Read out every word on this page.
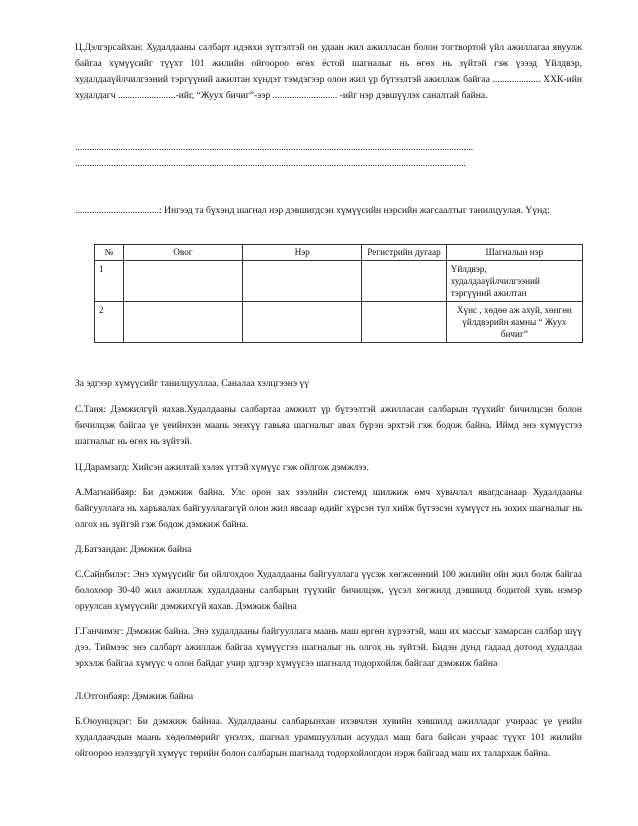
Ц.Дэлгэрсайхан: Худалдааны салбарт идэвхи зүтгэлтэй он удаан жил ажилласан болон тогтвортой үйл ажиллагаа явуулж байгаа хүмүүсийг түүхт 101 жилийн ойгоороо өгөх ёстой шагналыг нь өгөх нь зүйтэй гэж үзээд Үйлдвэр, худалдааүйлчилгээний тэргүүний ажилтан хүндэт тэмдэгээр олон жил үр бүтээлтэй ажиллаж байгаа .................... ХХК-ийн худалдагч ........................-ийг, “Жуух бичиг”-ээр ........................... -ийг нэр дэвшүүлэх саналтай байна.

......................................................................................................................................................................

...................................................................................................................................................................

...................................: Ингээд та бүхэнд шагнал нэр дэвшигдсэн хүмүүсийн нэрсийн жагсаалтыг танилцуулая. Үүнд:

№	Овог	Нэр	Регистрийн дугаар	Шагналын нэр
1				Үйлдвэр, худалдааүйлчилгээний тэргүүний ажилтан
2				Хүнс , хөдөө аж ахуй, хөнгөн үйлдвэрийн яамны “ Жуух бичиг”

За эдгээр хүмүүсийг танилцууллаа. Саналаа хэлцгээнэ үү

С.Таня: Дэмжилгүй яахав.Худалдааны салбартаа амжилт үр бүтээлтэй ажилласан салбарын түүхийг бичилцсэн болон бичилцэж байгаа үе үеийнхэн маань энэхүү гавьяа шагналыг авах бүрэн эрхтэй гэж бодож байна. Иймд энэ хүмүүстээ шагналыг нь өгөх нь зүйтэй.

Ц.Дарамзагд: Хийсэн ажилтай хэлэх үгтэй хүмүүс гэж ойлгож дэмжлээ.

А.Магнайбаяр: Би дэмжиж байна. Улс орон зах зээлийн системд шилжиж өмч хувьчлал явагдсанаар Худалдааны байгууллага нь харъяалах байгууллагагүй олон жил явсаар өдийг хүрсэн тул хийж бүтээсэн хүмүүст нь зохих шагналыг нь олгох нь зүйтэй гэж бодож дэмжиж байна.

Д.Батзандан: Дэмжиж байна

С.Сайнбилэг: Энэ хүмүүсийг би ойлгохдоо Худалдааны байгууллага үүсэж хөгжсөнний 100 жилийн ойн жил болж байгаа болохоор 30-40 жил ажиллаж худалдааны салбарын түүхийг бичилцэж, үүсэл хөгжилд дэвшилд бодитой хувь нэмэр оруулсан хүмүүсийг дэмжихгүй яахав. Дэмжиж байна

Г.Ганчимэг: Дэмжиж байна. Энэ худалдааны байгууллага маань маш өргөн хүрээтэй, маш их массыг хамарсан салбар шүү дээ. Тиймээс энэ салбарт ажиллаж байгаа хүмүүстээ шагналыг нь олгох нь зүйтэй. Бидэн дунд гадаад дотоод худалдаа эрхэлж байгаа хүмүүс ч олон байдаг учир эдгээр хүмүүсээ шагналд тодорхойлж байгааг дэмжиж байна

Л.Отгонбаяр: Дэмжиж байна

Б.Оюунцэцэг: Би дэмжиж байнаа. Худалдааны салбарынхан ихэвчлэн хувийн хэвшилд ажилладаг учираас үе үеийн худалдаачдын маань хөдөлмөрийг үнэлэх, шагнал урамшууллын асуудал маш бага байсан учраас түүхт 101 жилийн ойгоороо нэлээдгүй хүмүүс төрийн болон салбарын шагналд тодорхойлогдон нэрж байгаад маш их талархаж байна.
